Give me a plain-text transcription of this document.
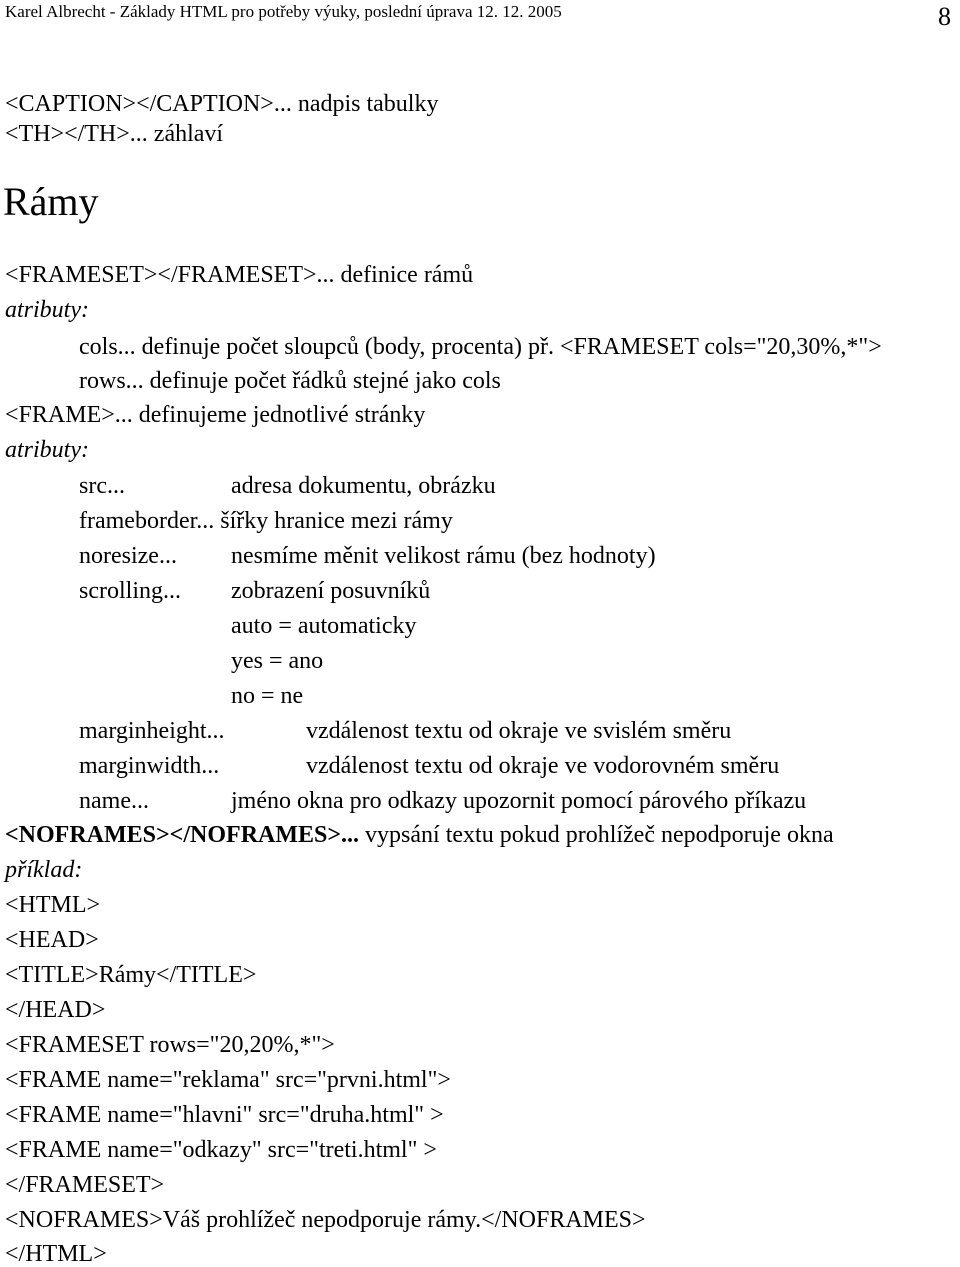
Karel Albrecht - Základy HTML pro potřeby výuky, poslední úprava 12. 12. 2005	8
<CAPTION></CAPTION>... nadpis tabulky
<TH></TH>... záhlaví
Rámy
<FRAMESET></FRAMESET>... definice rámů
atributy:
cols... definuje počet sloupců (body, procenta) př. <FRAMESET cols="20,30%,*">
rows... definuje počet řádků stejné jako cols
<FRAME>... definujeme jednotlivé stránky
atributy:
src...	adresa dokumentu, obrázku
frameborder... šířky hranice mezi rámy
noresize... nesmíme měnit velikost rámu (bez hodnoty)
scrolling... zobrazení posuvníků
auto = automaticky
yes = ano
no = ne
marginheight...	vzdálenost textu od okraje ve svislém směru
marginwidth...	vzdálenost textu od okraje ve vodorovném směru
name...	jméno okna pro odkazy upozornit pomocí párového příkazu
<NOFRAMES></NOFRAMES>... vypsání textu pokud prohlížeč nepodporuje okna
příklad:
<HTML>
<HEAD>
<TITLE>Rámy</TITLE>
</HEAD>
<FRAMESET rows="20,20%,*">
<FRAME name="reklama" src="prvni.html">
<FRAME name="hlavni" src="druha.html" >
<FRAME name="odkazy" src="treti.html" >
</FRAMESET>
<NOFRAMES>Váš prohlížeč nepodporuje rámy.</NOFRAMES>
</HTML>
